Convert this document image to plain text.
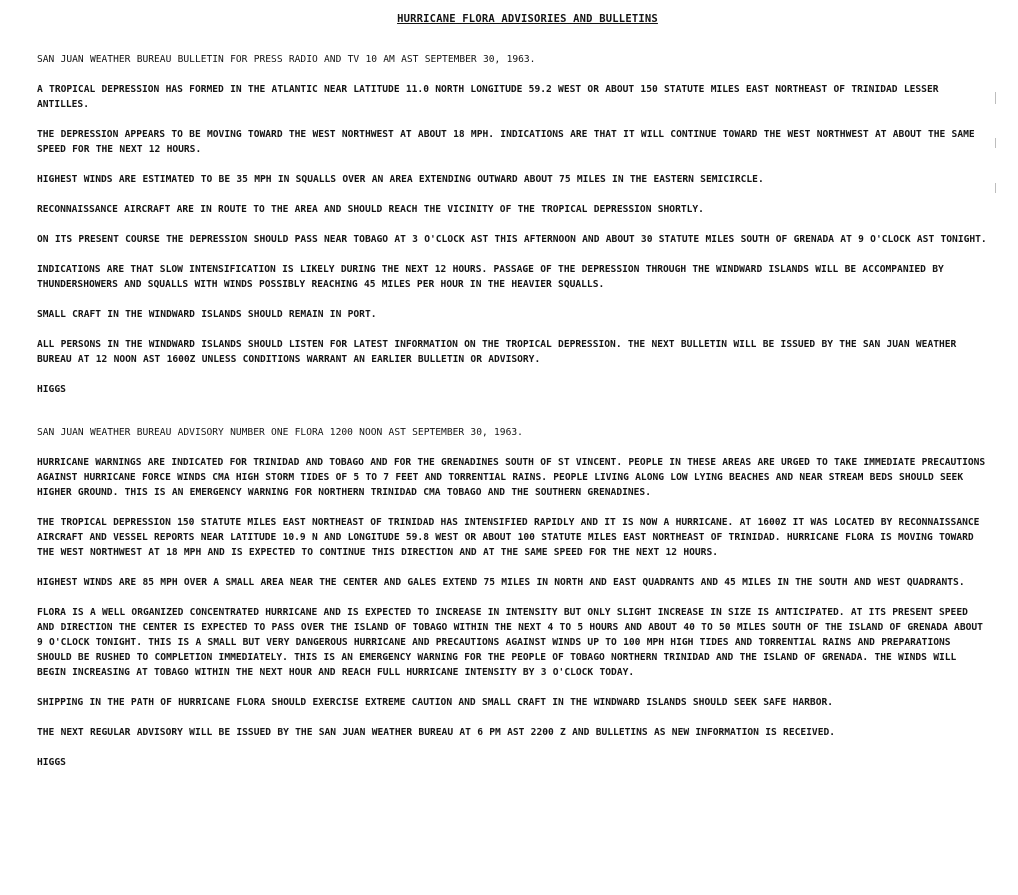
HURRICANE FLORA ADVISORIES AND BULLETINS
SAN JUAN WEATHER BUREAU BULLETIN FOR PRESS RADIO AND TV 10 AM AST SEPTEMBER 30, 1963.
A TROPICAL DEPRESSION HAS FORMED IN THE ATLANTIC NEAR LATITUDE 11.0 NORTH LONGITUDE 59.2 WEST OR ABOUT 150 STATUTE MILES EAST NORTHEAST OF TRINIDAD LESSER ANTILLES.
THE DEPRESSION APPEARS TO BE MOVING TOWARD THE WEST NORTHWEST AT ABOUT 18 MPH. INDICATIONS ARE THAT IT WILL CONTINUE TOWARD THE WEST NORTHWEST AT ABOUT THE SAME SPEED FOR THE NEXT 12 HOURS.
HIGHEST WINDS ARE ESTIMATED TO BE 35 MPH IN SQUALLS OVER AN AREA EXTENDING OUTWARD ABOUT 75 MILES IN THE EASTERN SEMICIRCLE.
RECONNAISSANCE AIRCRAFT ARE IN ROUTE TO THE AREA AND SHOULD REACH THE VICINITY OF THE TROPICAL DEPRESSION SHORTLY.
ON ITS PRESENT COURSE THE DEPRESSION SHOULD PASS NEAR TOBAGO AT 3 O'CLOCK AST THIS AFTERNOON AND ABOUT 30 STATUTE MILES SOUTH OF GRENADA AT 9 O'CLOCK AST TONIGHT.
INDICATIONS ARE THAT SLOW INTENSIFICATION IS LIKELY DURING THE NEXT 12 HOURS. PASSAGE OF THE DEPRESSION THROUGH THE WINDWARD ISLANDS WILL BE ACCOMPANIED BY THUNDERSHOWERS AND SQUALLS WITH WINDS POSSIBLY REACHING 45 MILES PER HOUR IN THE HEAVIER SQUALLS.
SMALL CRAFT IN THE WINDWARD ISLANDS SHOULD REMAIN IN PORT.
ALL PERSONS IN THE WINDWARD ISLANDS SHOULD LISTEN FOR LATEST INFORMATION ON THE TROPICAL DEPRESSION. THE NEXT BULLETIN WILL BE ISSUED BY THE SAN JUAN WEATHER BUREAU AT 12 NOON AST 1600Z UNLESS CONDITIONS WARRANT AN EARLIER BULLETIN OR ADVISORY.
HIGGS
SAN JUAN WEATHER BUREAU ADVISORY NUMBER ONE FLORA 1200 NOON AST SEPTEMBER 30, 1963.
HURRICANE WARNINGS ARE INDICATED FOR TRINIDAD AND TOBAGO AND FOR THE GRENADINES SOUTH OF ST VINCENT. PEOPLE IN THESE AREAS ARE URGED TO TAKE IMMEDIATE PRECAUTIONS AGAINST HURRICANE FORCE WINDS CMA HIGH STORM TIDES OF 5 TO 7 FEET AND TORRENTIAL RAINS. PEOPLE LIVING ALONG LOW LYING BEACHES AND NEAR STREAM BEDS SHOULD SEEK HIGHER GROUND. THIS IS AN EMERGENCY WARNING FOR NORTHERN TRINIDAD CMA TOBAGO AND THE SOUTHERN GRENADINES.
THE TROPICAL DEPRESSION 150 STATUTE MILES EAST NORTHEAST OF TRINIDAD HAS INTENSIFIED RAPIDLY AND IT IS NOW A HURRICANE. AT 1600Z IT WAS LOCATED BY RECONNAISSANCE AIRCRAFT AND VESSEL REPORTS NEAR LATITUDE 10.9 N AND LONGITUDE 59.8 WEST OR ABOUT 100 STATUTE MILES EAST NORTHEAST OF TRINIDAD. HURRICANE FLORA IS MOVING TOWARD THE WEST NORTHWEST AT 18 MPH AND IS EXPECTED TO CONTINUE THIS DIRECTION AND AT THE SAME SPEED FOR THE NEXT 12 HOURS.
HIGHEST WINDS ARE 85 MPH OVER A SMALL AREA NEAR THE CENTER AND GALES EXTEND 75 MILES IN NORTH AND EAST QUADRANTS AND 45 MILES IN THE SOUTH AND WEST QUADRANTS.
FLORA IS A WELL ORGANIZED CONCENTRATED HURRICANE AND IS EXPECTED TO INCREASE IN INTENSITY BUT ONLY SLIGHT INCREASE IN SIZE IS ANTICIPATED. AT ITS PRESENT SPEED AND DIRECTION THE CENTER IS EXPECTED TO PASS OVER THE ISLAND OF TOBAGO WITHIN THE NEXT 4 TO 5 HOURS AND ABOUT 40 TO 50 MILES SOUTH OF THE ISLAND OF GRENADA ABOUT 9 O'CLOCK TONIGHT. THIS IS A SMALL BUT VERY DANGEROUS HURRICANE AND PRECAUTIONS AGAINST WINDS UP TO 100 MPH HIGH TIDES AND TORRENTIAL RAINS AND PREPARATIONS SHOULD BE RUSHED TO COMPLETION IMMEDIATELY. THIS IS AN EMERGENCY WARNING FOR THE PEOPLE OF TOBAGO NORTHERN TRINIDAD AND THE ISLAND OF GRENADA. THE WINDS WILL BEGIN INCREASING AT TOBAGO WITHIN THE NEXT HOUR AND REACH FULL HURRICANE INTENSITY BY 3 O'CLOCK TODAY.
SHIPPING IN THE PATH OF HURRICANE FLORA SHOULD EXERCISE EXTREME CAUTION AND SMALL CRAFT IN THE WINDWARD ISLANDS SHOULD SEEK SAFE HARBOR.
THE NEXT REGULAR ADVISORY WILL BE ISSUED BY THE SAN JUAN WEATHER BUREAU AT 6 PM AST 2200 Z AND BULLETINS AS NEW INFORMATION IS RECEIVED.
HIGGS
